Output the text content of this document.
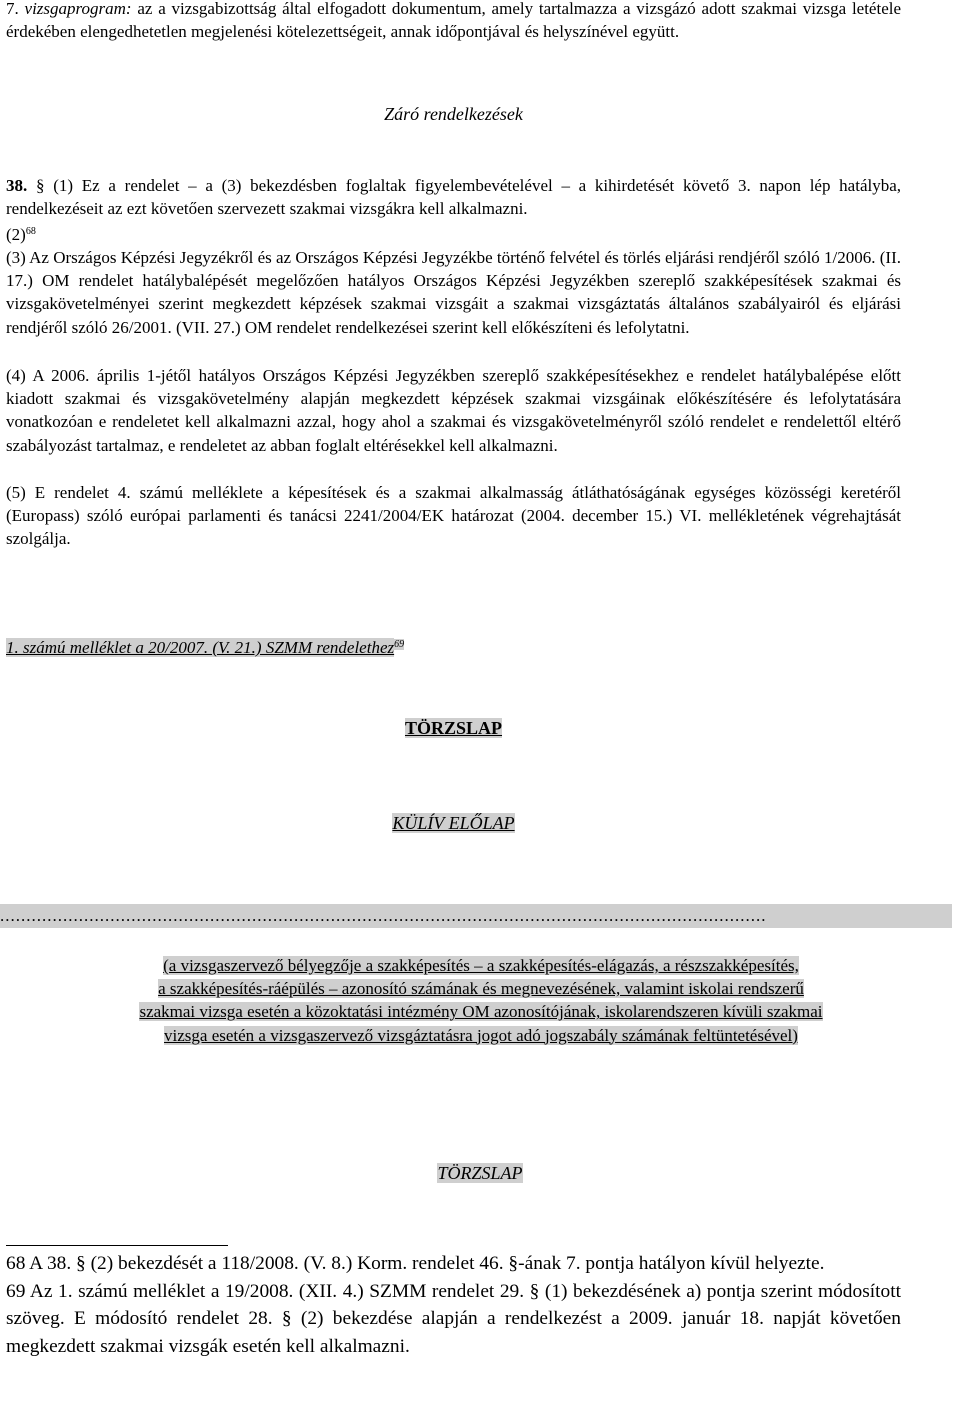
7. vizsgaprogram: az a vizsgabizottság által elfogadott dokumentum, amely tartalmazza a vizsgázó adott szakmai vizsga letétele érdekében elengedhetetlen megjelenési kötelezettségeit, annak időpontjával és helyszínével együtt.
Záró rendelkezések
38. § (1) Ez a rendelet – a (3) bekezdésben foglaltak figyelembevételével – a kihirdetését követő 3. napon lép hatályba, rendelkezéseit az ezt követően szervezett szakmai vizsgákra kell alkalmazni.
$(2)^{68}$
(3) Az Országos Képzési Jegyzékről és az Országos Képzési Jegyzékbe történő felvétel és törlés eljárási rendjéről szóló 1/2006. (II. 17.) OM rendelet hatálybalépését megelőzően hatályos Országos Képzési Jegyzékben szereplő szakképesítések szakmai és vizsgakövetelményei szerint megkezdett képzések szakmai vizsgáit a szakmai vizsgáztatás általános szabályairól és eljárási rendjéről szóló 26/2001. (VII. 27.) OM rendelet rendelkezései szerint kell előkészíteni és lefolytatni.
(4) A 2006. április 1-jétől hatályos Országos Képzési Jegyzékben szereplő szakképesítésekhez e rendelet hatálybalépése előtt kiadott szakmai és vizsgakövetelmény alapján megkezdett képzések szakmai vizsgáinak előkészítésére és lefolytatására vonatkozóan e rendeletet kell alkalmazni azzal, hogy ahol a szakmai és vizsgakövetelményről szóló rendelet e rendelettől eltérő szabályozást tartalmaz, e rendeletet az abban foglalt eltérésekkel kell alkalmazni.
(5) E rendelet 4. számú melléklete a képesítések és a szakmai alkalmasság átláthatóságának egységes közösségi keretéről (Europass) szóló európai parlamenti és tanácsi 2241/2004/EK határozat (2004. december 15.) VI. mellékletének végrehajtását szolgálja.
1. számú melléklet a 20/2007. (V. 21.) SZMM rendelethez$^{69}$
TÖRZSLAP
KÜLÍV ELŐLAP
..................................................................................................................................................
(a vizsgaszervező bélyegzője a szakképesítés – a szakképesítés-elágazás, a részszakképesítés,
a szakképesítés-ráépülés – azonosító számának és megnevezésének, valamint iskolai rendszerű
szakmai vizsga esetén a közoktatási intézmény OM azonosítójának, iskolarendszeren kívüli szakmai
vizsga esetén a vizsgaszervező vizsgáztatásra jogot adó jogszabály számának feltüntetésével)
TÖRZSLAP

68 A 38. § (2) bekezdését a 118/2008. (V. 8.) Korm. rendelet 46. §-ának 7. pontja hatályon kívül helyezte.

69 Az 1. számú melléklet a 19/2008. (XII. 4.) SZMM rendelet 29. § (1) bekezdésének a) pontja szerint módosított szöveg. E módosító rendelet 28. § (2) bekezdése alapján a rendelkezést a 2009. január 18. napját követően megkezdett szakmai vizsgák esetén kell alkalmazni.
